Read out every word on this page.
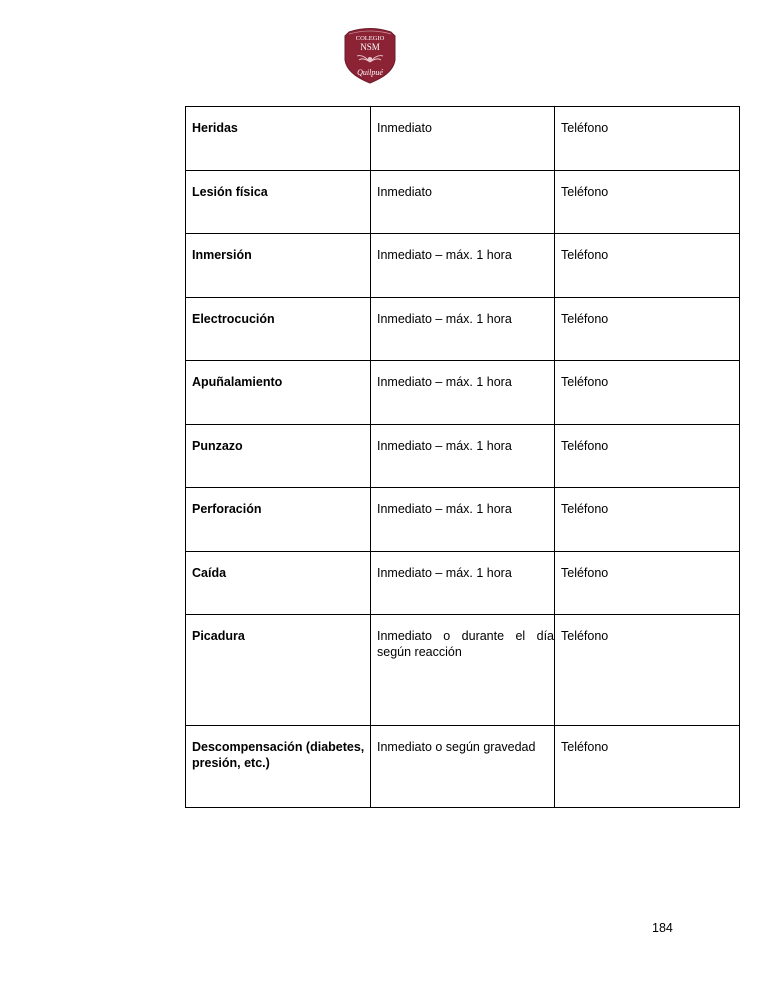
COLEGIO
NSM
Quilpué
Heridas	Inmediato	Teléfono
Lesión física	Inmediato	Teléfono
Inmersión	Inmediato – máx. 1 hora	Teléfono
Electrocución	Inmediato – máx. 1 hora	Teléfono
Apuñalamiento	Inmediato – máx. 1 hora	Teléfono
Punzazo	Inmediato – máx. 1 hora	Teléfono
Perforación	Inmediato – máx. 1 hora	Teléfono
Caída	Inmediato – máx. 1 hora	Teléfono
Picadura	Inmediato o durante el día según reacción	Teléfono
Descompensación (diabetes, presión, etc.)	Inmediato o según gravedad	Teléfono
184
